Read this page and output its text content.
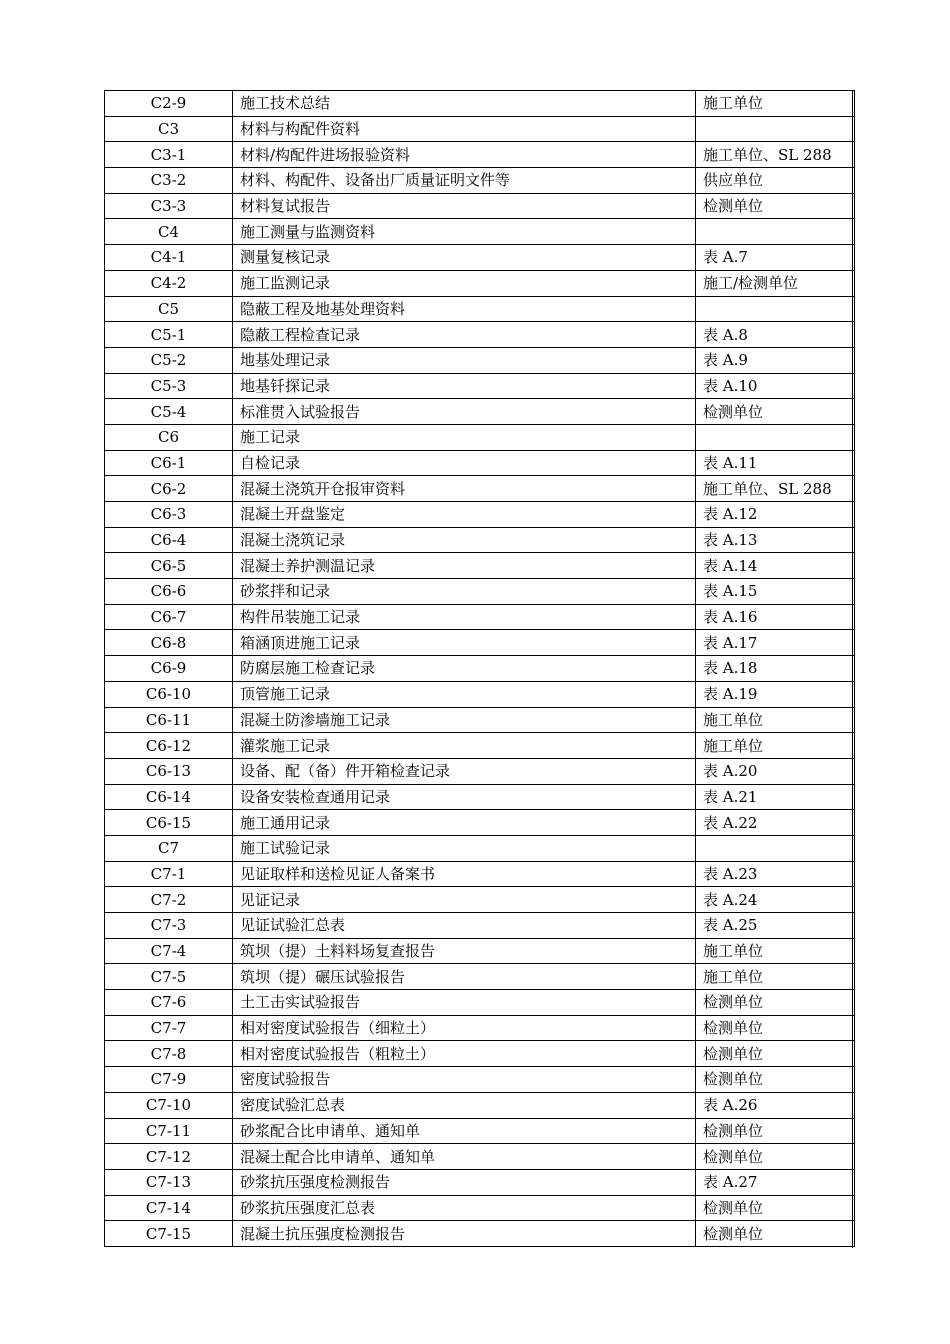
C2-9	施工技术总结	施工单位
C3	材料与构配件资料	
C3-1	材料/构配件进场报验资料	施工单位、SL 288
C3-2	材料、构配件、设备出厂质量证明文件等	供应单位
C3-3	材料复试报告	检测单位
C4	施工测量与监测资料	
C4-1	测量复核记录	表 A.7
C4-2	施工监测记录	施工/检测单位
C5	隐蔽工程及地基处理资料	
C5-1	隐蔽工程检查记录	表 A.8
C5-2	地基处理记录	表 A.9
C5-3	地基钎探记录	表 A.10
C5-4	标准贯入试验报告	检测单位
C6	施工记录	
C6-1	自检记录	表 A.11
C6-2	混凝土浇筑开仓报审资料	施工单位、SL 288
C6-3	混凝土开盘鉴定	表 A.12
C6-4	混凝土浇筑记录	表 A.13
C6-5	混凝土养护测温记录	表 A.14
C6-6	砂浆拌和记录	表 A.15
C6-7	构件吊装施工记录	表 A.16
C6-8	箱涵顶进施工记录	表 A.17
C6-9	防腐层施工检查记录	表 A.18
C6-10	顶管施工记录	表 A.19
C6-11	混凝土防渗墙施工记录	施工单位
C6-12	灌浆施工记录	施工单位
C6-13	设备、配（备）件开箱检查记录	表 A.20
C6-14	设备安装检查通用记录	表 A.21
C6-15	施工通用记录	表 A.22
C7	施工试验记录	
C7-1	见证取样和送检见证人备案书	表 A.23
C7-2	见证记录	表 A.24
C7-3	见证试验汇总表	表 A.25
C7-4	筑坝（提）土料料场复查报告	施工单位
C7-5	筑坝（提）碾压试验报告	施工单位
C7-6	土工击实试验报告	检测单位
C7-7	相对密度试验报告（细粒土）	检测单位
C7-8	相对密度试验报告（粗粒土）	检测单位
C7-9	密度试验报告	检测单位
C7-10	密度试验汇总表	表 A.26
C7-11	砂浆配合比申请单、通知单	检测单位
C7-12	混凝土配合比申请单、通知单	检测单位
C7-13	砂浆抗压强度检测报告	表 A.27
C7-14	砂浆抗压强度汇总表	检测单位
C7-15	混凝土抗压强度检测报告	检测单位
